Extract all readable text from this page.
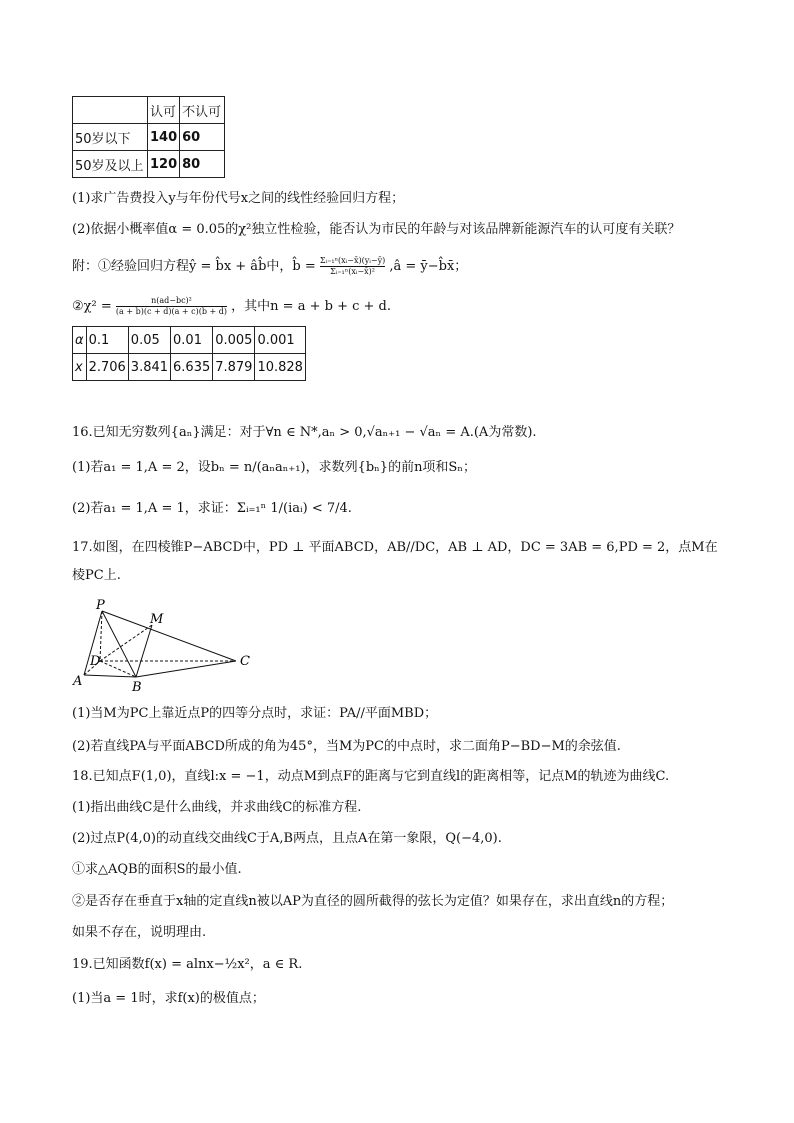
	认可	不认可
50岁以下	140	60
50岁及以上	120	80
(1)求广告费投入y与年份代号x之间的线性经验回归方程；
(2)依据小概率值α = 0.05的χ²独立性检验，能否认为市民的年龄与对该品牌新能源汽车的认可度有关联？
附：①经验回归方程ŷ = b̂x + âb̂中，b̂ = $\frac{\text{Σᵢ₌₁ⁿ(xᵢ−x̄)(yᵢ−ȳ)}}{\text{Σᵢ₌₁ⁿ(xᵢ−x̄)²}}$ ,â = ȳ−b̂x̄；
②χ² = $\frac{\text{n(ad−bc)²}}{(a + b)(c + d)(a + c)(b + d)}$ ，其中n = a + b + c + d.
α	0.1	0.05	0.01	0.005	0.001
x	2.706	3.841	6.635	7.879	10.828
16.已知无穷数列{aₙ}满足：对于∀n ∈ N*,aₙ > 0,√aₙ₊₁ − √aₙ = A.(A为常数).
(1)若a₁ = 1,A = 2，设bₙ = n/(aₙaₙ₊₁)，求数列{bₙ}的前n项和Sₙ；
(2)若a₁ = 1,A = 1，求证：Σᵢ₌₁ⁿ 1/(iaᵢ) < 7/4.
17.如图，在四棱锥P−ABCD中，PD ⊥ 平面ABCD，AB//DC，AB ⊥ AD，DC = 3AB = 6,PD = 2，点M在
棱PC上.
P
M
D	C
A	B
(1)当M为PC上靠近点P的四等分点时，求证：PA//平面MBD；
(2)若直线PA与平面ABCD所成的角为45°，当M为PC的中点时，求二面角P−BD−M的余弦值.
18.已知点F(1,0)，直线l:x = −1，动点M到点F的距离与它到直线l的距离相等，记点M的轨迹为曲线C.
(1)指出曲线C是什么曲线，并求曲线C的标准方程.
(2)过点P(4,0)的动直线交曲线C于A,B两点，且点A在第一象限，Q(−4,0).
①求△AQB的面积S的最小值.
②是否存在垂直于x轴的定直线n被以AP为直径的圆所截得的弦长为定值？如果存在，求出直线n的方程；
如果不存在，说明理由.
19.已知函数f(x) = alnx−½x²，a ∈ R.
(1)当a = 1时，求f(x)的极值点；
